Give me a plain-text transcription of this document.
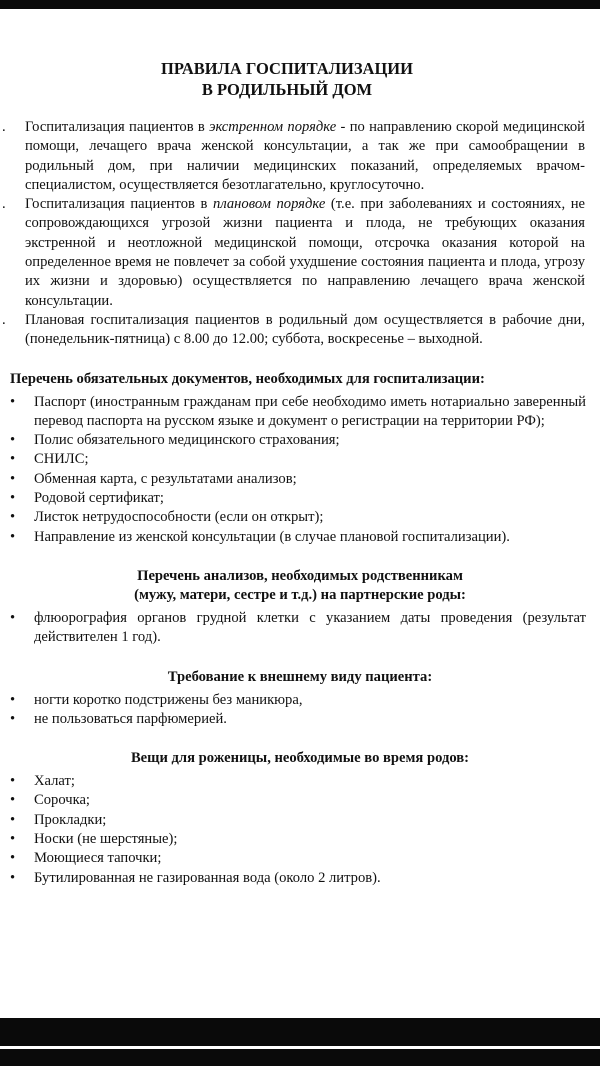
ПРАВИЛА ГОСПИТАЛИЗАЦИИ
В РОДИЛЬНЫЙ ДОМ
. Госпитализация пациентов в экстренном порядке - по направлению скорой медицинской помощи, лечащего врача женской консультации, а так же при самообращении в родильный дом, при наличии медицинских показаний, определяемых врачом-специалистом, осуществляется безотлагательно, круглосуточно.
. Госпитализация пациентов в плановом порядке (т.е. при заболеваниях и состояниях, не сопровождающихся угрозой жизни пациента и плода, не требующих оказания экстренной и неотложной медицинской помощи, отсрочка оказания которой на определенное время не повлечет за собой ухудшение состояния пациента и плода, угрозу их жизни и здоровью) осуществляется по направлению лечащего врача женской консультации.
. Плановая госпитализация пациентов в родильный дом осуществляется в рабочие дни, (понедельник-пятница) с 8.00 до 12.00; суббота, воскресенье – выходной.
Перечень обязательных документов, необходимых для госпитализации:
• Паспорт (иностранным гражданам при себе необходимо иметь нотариально заверенный перевод паспорта на русском языке и документ о регистрации на территории РФ);
• Полис обязательного медицинского страхования;
• СНИЛС;
• Обменная карта, с результатами анализов;
• Родовой сертификат;
• Листок нетрудоспособности (если он открыт);
• Направление из женской консультации (в случае плановой госпитализации).
Перечень анализов, необходимых родственникам
(мужу, матери, сестре и т.д.) на партнерские роды:
• флюорография органов грудной клетки с указанием даты проведения (результат действителен 1 год).
Требование к внешнему виду пациента:
• ногти коротко подстрижены без маникюра,
• не пользоваться парфюмерией.
Вещи для роженицы, необходимые во время родов:
• Халат;
• Сорочка;
• Прокладки;
• Носки (не шерстяные);
• Моющиеся тапочки;
• Бутилированная не газированная вода (около 2 литров).
